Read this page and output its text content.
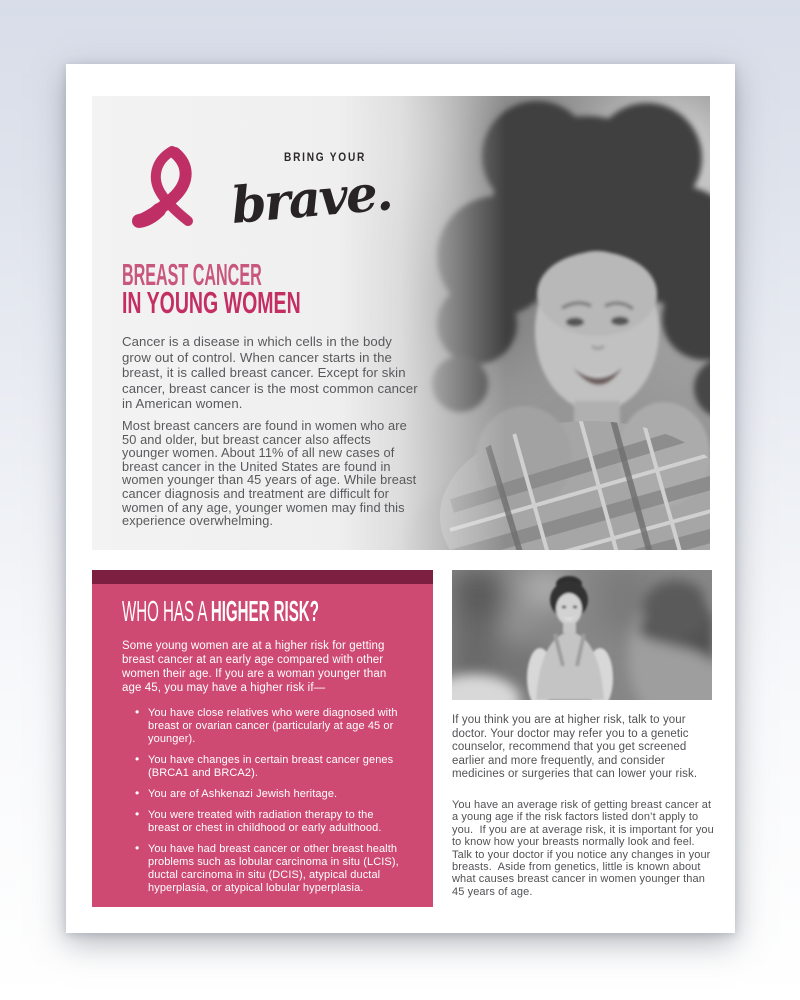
BRING YOUR
brave.
BREAST CANCER
IN YOUNG WOMEN
Cancer is a disease in which cells in the body grow out of control. When cancer starts in the breast, it is called breast cancer. Except for skin cancer, breast cancer is the most common cancer in American women.
Most breast cancers are found in women who are 50 and older, but breast cancer also affects younger women. About 11% of all new cases of breast cancer in the United States are found in women younger than 45 years of age. While breast cancer diagnosis and treatment are difficult for women of any age, younger women may find this experience overwhelming.
WHO HAS A HIGHER RISK?
Some young women are at a higher risk for getting breast cancer at an early age compared with other women their age. If you are a woman younger than age 45, you may have a higher risk if—
• You have close relatives who were diagnosed with breast or ovarian cancer (particularly at age 45 or younger).
• You have changes in certain breast cancer genes (BRCA1 and BRCA2).
• You are of Ashkenazi Jewish heritage.
• You were treated with radiation therapy to the breast or chest in childhood or early adulthood.
• You have had breast cancer or other breast health problems such as lobular carcinoma in situ (LCIS), ductal carcinoma in situ (DCIS), atypical ductal hyperplasia, or atypical lobular hyperplasia.
If you think you are at higher risk, talk to your doctor. Your doctor may refer you to a genetic counselor, recommend that you get screened earlier and more frequently, and consider medicines or surgeries that can lower your risk.
You have an average risk of getting breast cancer at a young age if the risk factors listed don’t apply to you.  If you are at average risk, it is important for you to know how your breasts normally look and feel.  Talk to your doctor if you notice any changes in your breasts.  Aside from genetics, little is known about what causes breast cancer in women younger than 45 years of age.
